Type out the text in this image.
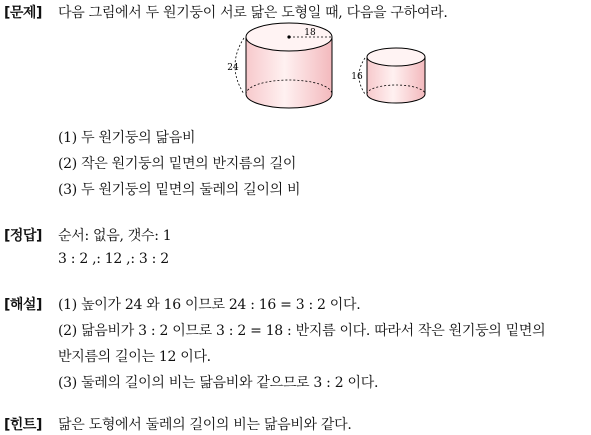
[문제] 다음 그림에서 두 원기둥이 서로 닮은 도형일 때, 다음을 구하여라.
18
24
16
(1) 두 원기둥의 닮음비
(2) 작은 원기둥의 밑면의 반지름의 길이
(3) 두 원기둥의 밑면의 둘레의 길이의 비
[정답] 순서: 없음, 갯수: 1
3 : 2 ,: 12 ,: 3 : 2
[해설] (1) 높이가 24 와 16 이므로 24 : 16 = 3 : 2 이다.
(2) 닮음비가 3 : 2 이므로 3 : 2 = 18 : 반지름 이다. 따라서 작은 원기둥의 밑면의
반지름의 길이는 12 이다.
(3) 둘레의 길이의 비는 닮음비와 같으므로 3 : 2 이다.
[힌트] 닮은 도형에서 둘레의 길이의 비는 닮음비와 같다.
